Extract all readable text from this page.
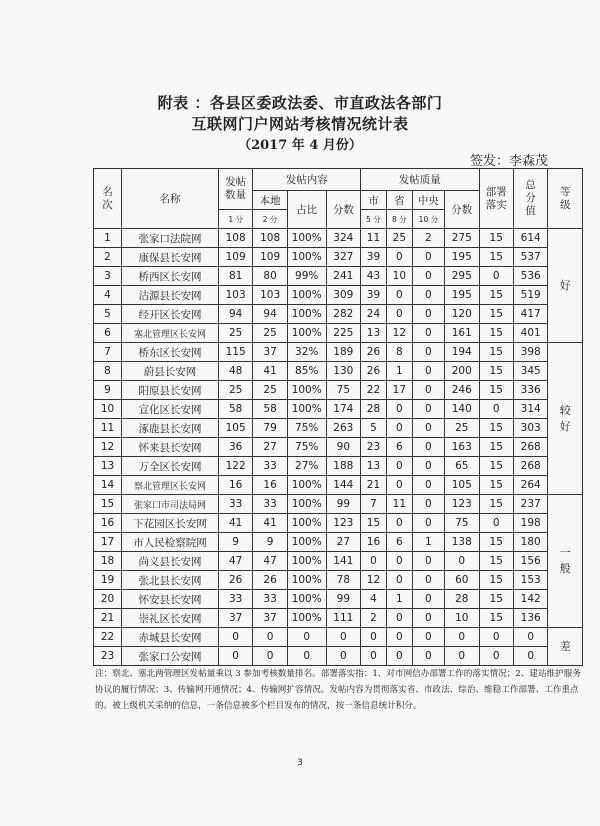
附表 ：各县区委政法委、市直政法各部门
互联网门户网站考核情况统计表
（2017 年 4 月份）
签发：李森茂
名
次	名称	发帖
数量	发帖内容			发帖质量				部署
落实	总
分
值	等
级
			本地	占比	分数	市	省	中央	分数			
		1 分	2 分			5 分	8 分	10 分				
1	张家口法院网	108	108	100%	324	11	25	2	275	15	614	好
2	康保县长安网	109	109	100%	327	39	0	0	195	15	537	
3	桥西区长安网	81	80	99%	241	43	10	0	295	0	536	
4	沽源县长安网	103	103	100%	309	39	0	0	195	15	519	
5	经开区长安网	94	94	100%	282	24	0	0	120	15	417	
6	塞北管理区长安网	25	25	100%	225	13	12	0	161	15	401	
7	桥东区长安网	115	37	32%	189	26	8	0	194	15	398	较
好
8	蔚县长安网	48	41	85%	130	26	1	0	200	15	345	
9	阳原县长安网	25	25	100%	75	22	17	0	246	15	336	
10	宣化区长安网	58	58	100%	174	28	0	0	140	0	314	
11	涿鹿县长安网	105	79	75%	263	5	0	0	25	15	303	
12	怀来县长安网	36	27	75%	90	23	6	0	163	15	268	
13	万全区长安网	122	33	27%	188	13	0	0	65	15	268	
14	察北管理区长安网	16	16	100%	144	21	0	0	105	15	264	
15	张家口市司法局网	33	33	100%	99	7	11	0	123	15	237	一
般
16	下花园区长安网	41	41	100%	123	15	0	0	75	0	198	
17	市人民检察院网	9	9	100%	27	16	6	1	138	15	180	
18	尚义县长安网	47	47	100%	141	0	0	0	0	15	156	
19	张北县长安网	26	26	100%	78	12	0	0	60	15	153	
20	怀安县长安网	33	33	100%	99	4	1	0	28	15	142	
21	崇礼区长安网	37	37	100%	111	2	0	0	10	15	136	
22	赤城县长安网	0	0	0	0	0	0	0	0	0	0	差
23	张家口公安网	0	0	0	0	0	0	0	0	0	0	
注：察北、塞北两管理区发帖量乘以 3 参加考核数量排名。部署落实指：1、对市网信办部署工作的落实情况；2、建站维护服务协议的履行情况；3、传输网开通情况；4、传输网扩容情况。发帖内容为贯彻落实省、市政法、综治、维稳工作部署、工作重点的。被上级机关采纳的信息，一条信息被多个栏目发布的情况，按一条信息统计积分。
3
